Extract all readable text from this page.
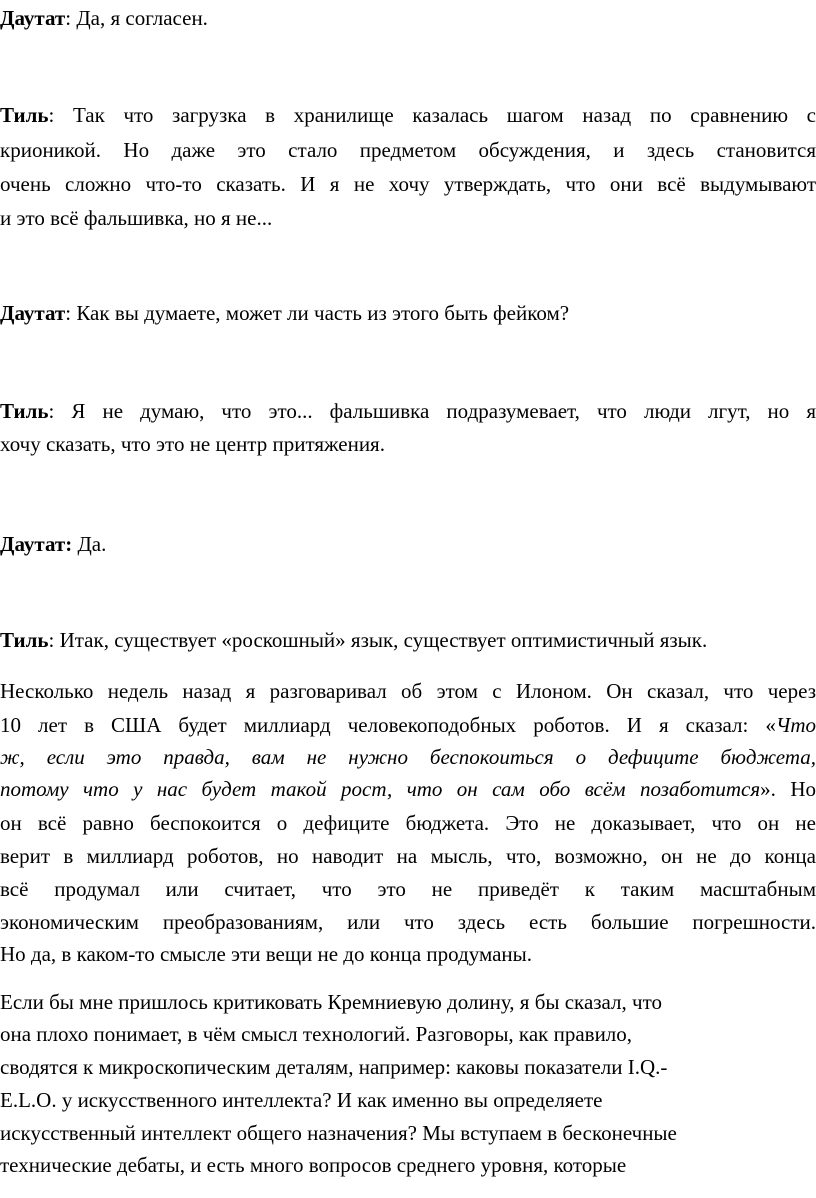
Даутат: Да, я согласен.
Тиль: Так что загрузка в хранилище казалась шагом назад по сравнению с
крионикой. Но даже это стало предметом обсуждения, и здесь становится
очень сложно что-то сказать. И я не хочу утверждать, что они всё выдумывают
и это всё фальшивка, но я не...
Даутат: Как вы думаете, может ли часть из этого быть фейком?
Тиль: Я не думаю, что это... фальшивка подразумевает, что люди лгут, но я
хочу сказать, что это не центр притяжения.
Даутат: Да.
Тиль: Итак, существует «роскошный» язык, существует оптимистичный язык.
Несколько недель назад я разговаривал об этом с Илоном. Он сказал, что через
10 лет в США будет миллиард человекоподобных роботов. И я сказал: «Что
ж, если это правда, вам не нужно беспокоиться о дефиците бюджета,
потому что у нас будет такой рост, что он сам обо всём позаботится». Но
он всё равно беспокоится о дефиците бюджета. Это не доказывает, что он не
верит в миллиард роботов, но наводит на мысль, что, возможно, он не до конца
всё продумал или считает, что это не приведёт к таким масштабным
экономическим преобразованиям, или что здесь есть большие погрешности.
Но да, в каком-то смысле эти вещи не до конца продуманы.
Если бы мне пришлось критиковать Кремниевую долину, я бы сказал, что
она плохо понимает, в чём смысл технологий. Разговоры, как правило,
сводятся к микроскопическим деталям, например: каковы показатели I.Q.-
E.L.O. у искусственного интеллекта? И как именно вы определяете
искусственный интеллект общего назначения? Мы вступаем в бесконечные
технические дебаты, и есть много вопросов среднего уровня, которые
